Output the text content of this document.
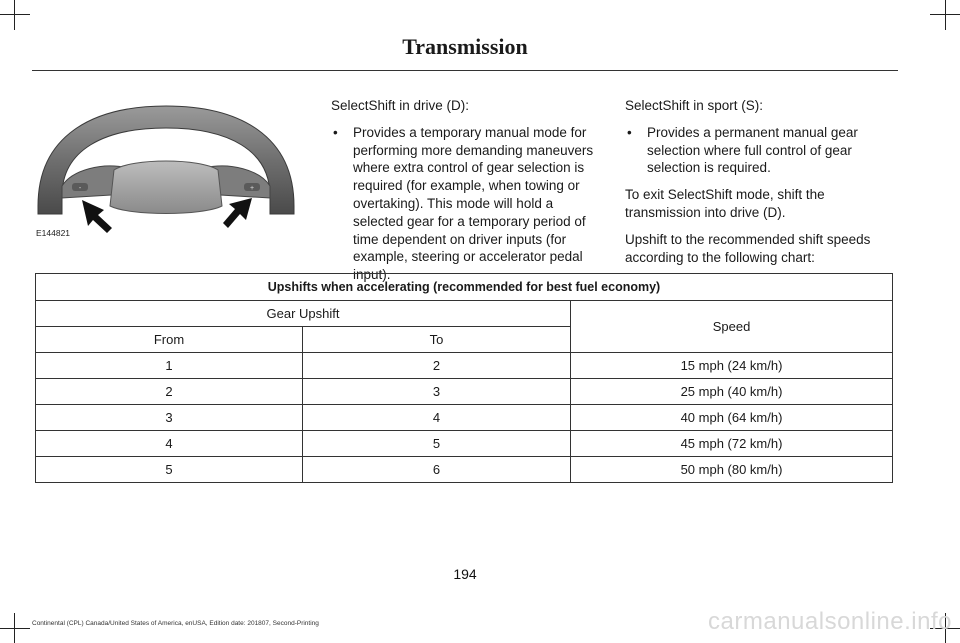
Transmission
-	+
E144821

SelectShift in drive (D):

• Provides a temporary manual mode for performing more demanding maneuvers where extra control of gear selection is required (for example, when towing or overtaking). This mode will hold a selected gear for a temporary period of time dependent on driver inputs (for example, steering or accelerator pedal input).

SelectShift in sport (S):

• Provides a permanent manual gear selection where full control of gear selection is required.

To exit SelectShift mode, shift the transmission into drive (D).

Upshift to the recommended shift speeds according to the following chart:

Upshifts when accelerating (recommended for best fuel economy)		
Gear Upshift		Speed
From	To	
1	2	15 mph (24 km/h)
2	3	25 mph (40 km/h)
3	4	40 mph (64 km/h)
4	5	45 mph (72 km/h)
5	6	50 mph (80 km/h)
194
Continental (CPL) Canada/United States of America, enUSA, Edition date: 201807, Second-Printing	carmanualsonline.info
